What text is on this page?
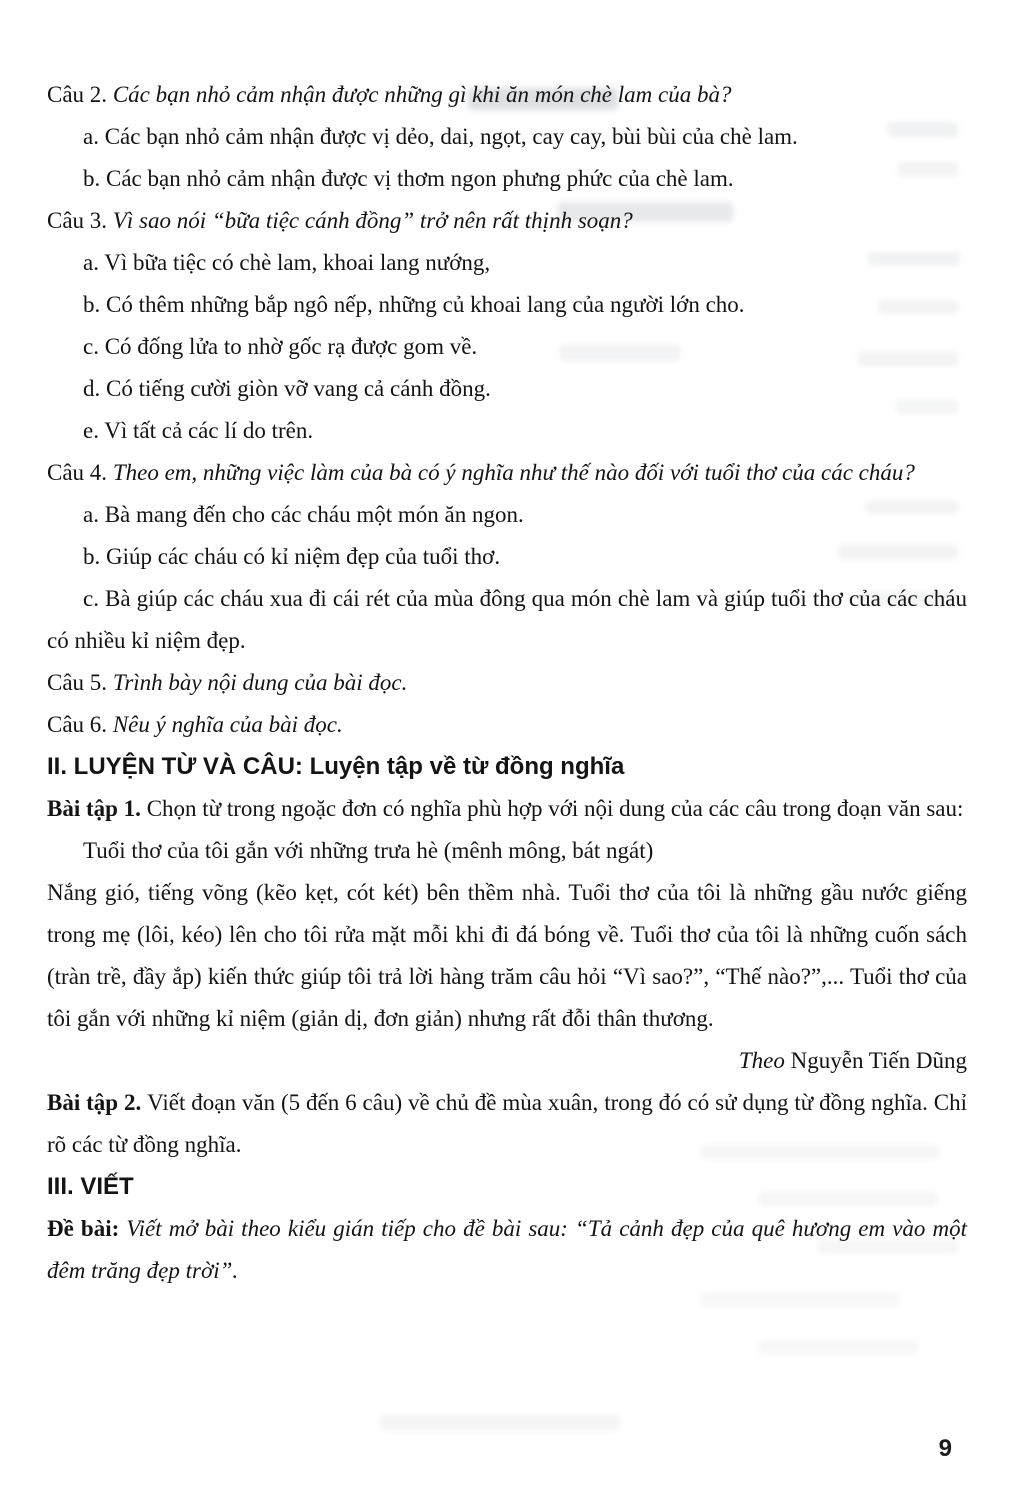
Câu 2. Các bạn nhỏ cảm nhận được những gì khi ăn món chè lam của bà?

a. Các bạn nhỏ cảm nhận được vị dẻo, dai, ngọt, cay cay, bùi bùi của chè lam.

b. Các bạn nhỏ cảm nhận được vị thơm ngon phưng phức của chè lam.

Câu 3. Vì sao nói “bữa tiệc cánh đồng” trở nên rất thịnh soạn?

a. Vì bữa tiệc có chè lam, khoai lang nướng,

b. Có thêm những bắp ngô nếp, những củ khoai lang của người lớn cho.

c. Có đống lửa to nhờ gốc rạ được gom về.

d. Có tiếng cười giòn vỡ vang cả cánh đồng.

e. Vì tất cả các lí do trên.

Câu 4. Theo em, những việc làm của bà có ý nghĩa như thế nào đối với tuổi thơ của các cháu?

a. Bà mang đến cho các cháu một món ăn ngon.

b. Giúp các cháu có kỉ niệm đẹp của tuổi thơ.

c. Bà giúp các cháu xua đi cái rét của mùa đông qua món chè lam và giúp tuổi thơ của các cháu có nhiều kỉ niệm đẹp.

Câu 5. Trình bày nội dung của bài đọc.

Câu 6. Nêu ý nghĩa của bài đọc.

II. LUYỆN TỪ VÀ CÂU: Luyện tập về từ đồng nghĩa

Bài tập 1. Chọn từ trong ngoặc đơn có nghĩa phù hợp với nội dung của các câu trong đoạn văn sau:

Tuổi thơ của tôi gắn với những trưa hè (mênh mông, bát ngát)

Nắng gió, tiếng võng (kẽo kẹt, cót két) bên thềm nhà. Tuổi thơ của tôi là những gầu nước giếng trong mẹ (lôi, kéo) lên cho tôi rửa mặt mỗi khi đi đá bóng về. Tuổi thơ của tôi là những cuốn sách (tràn trề, đầy ắp) kiến thức giúp tôi trả lời hàng trăm câu hỏi “Vì sao?”, “Thế nào?”,... Tuổi thơ của tôi gắn với những kỉ niệm (giản dị, đơn giản) nhưng rất đỗi thân thương.

Theo Nguyễn Tiến Dũng

Bài tập 2. Viết đoạn văn (5 đến 6 câu) về chủ đề mùa xuân, trong đó có sử dụng từ đồng nghĩa. Chỉ rõ các từ đồng nghĩa.

III. VIẾT

Đề bài: Viết mở bài theo kiểu gián tiếp cho đề bài sau: “Tả cảnh đẹp của quê hương em vào một đêm trăng đẹp trời”.

9
